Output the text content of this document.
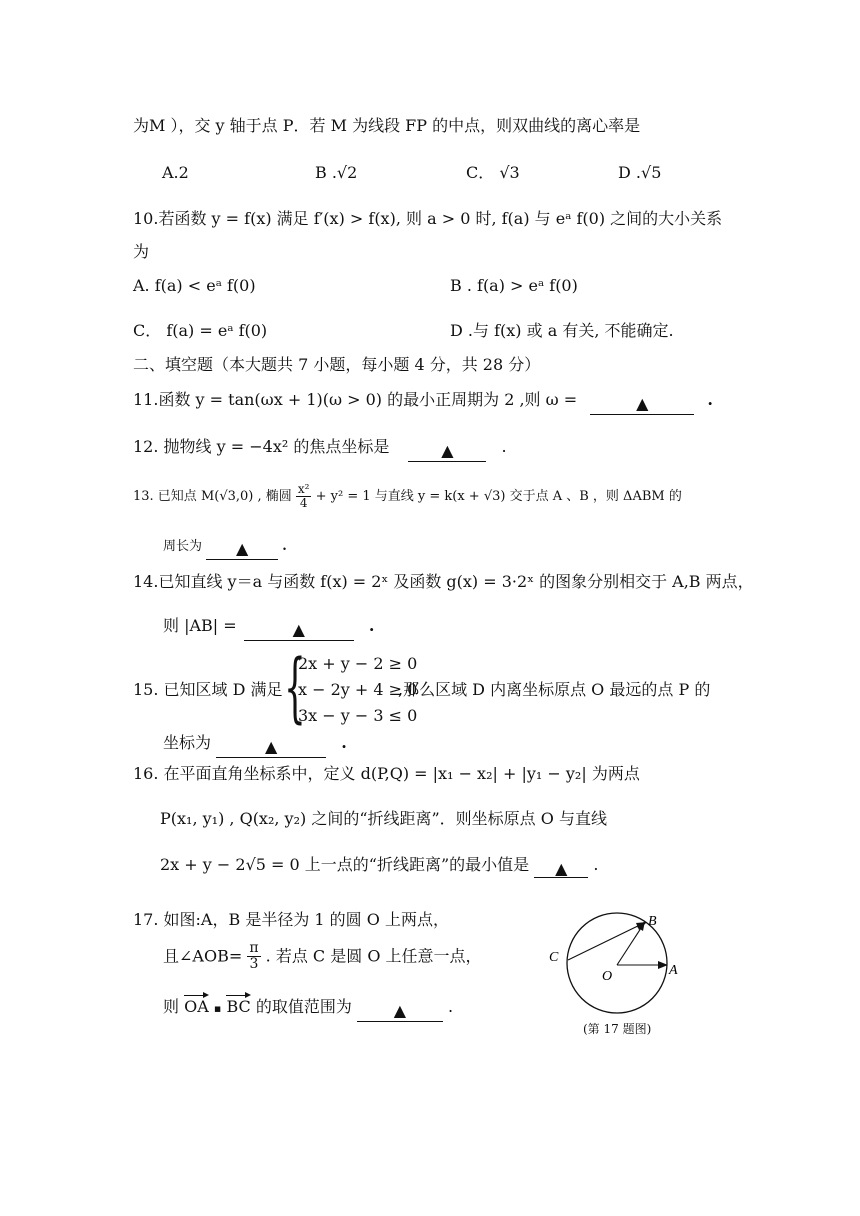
为M ），交 y 轴于点 P．若 M 为线段 FP 的中点，则双曲线的离心率是
A.2	B .√2	C． √3	D .√5
10.若函数 y = f(x) 满足 f′(x) > f(x), 则 a > 0 时, f(a) 与 eᵃ f(0) 之间的大小关系
为
A. f(a) < eᵃ f(0)	B . f(a) > eᵃ f(0)
C． f(a) = eᵃ f(0)	D .与 f(x) 或 a 有关, 不能确定.
二、填空题（本大题共 7 小题，每小题 4 分，共 28 分）
11.函数 y = tan(ωx + 1)(ω > 0) 的最小正周期为 2 ,则 ω =	▲	.
12. 抛物线 y = −4x² 的焦点坐标是	▲	.
13. 已知点 M(√3,0) , 椭圆 $\frac{\text{x²}}{4} + y^2 = 1$ 与直线 y = k(x + √3) 交于点 A 、B ，则 ΔABM 的
周长为 ▲	.
14.已知直线 y＝a 与函数 f(x) = 2ˣ 及函数 g(x) = 3·2ˣ 的图象分别相交于 A,B 两点，
则 |AB| =	▲	.
15. 已知区域 D 满足 {
2x + y − 2 ≥ 0
x − 2y + 4 ≥ 0
3x − y − 3 ≤ 0
,那么区域 D 内离坐标原点 O 最远的点 P 的
坐标为	▲	.
16. 在平面直角坐标系中，定义 d(P,Q) = |x₁ − x₂| + |y₁ − y₂| 为两点
P(x₁, y₁) , Q(x₂, y₂) 之间的“折线距离”．则坐标原点 O 与直线
2x + y − 2√5 = 0 上一点的“折线距离”的最小值是 ▲ .
17. 如图:A，B 是半径为 1 的圆 O 上两点，
且∠AOB= $\frac{\pi}{3}$ . 若点 C 是圆 O 上任意一点，
则 OA ▪ BC 的取值范围为	▲	.
B
C
O	A
(第 17 题图)
